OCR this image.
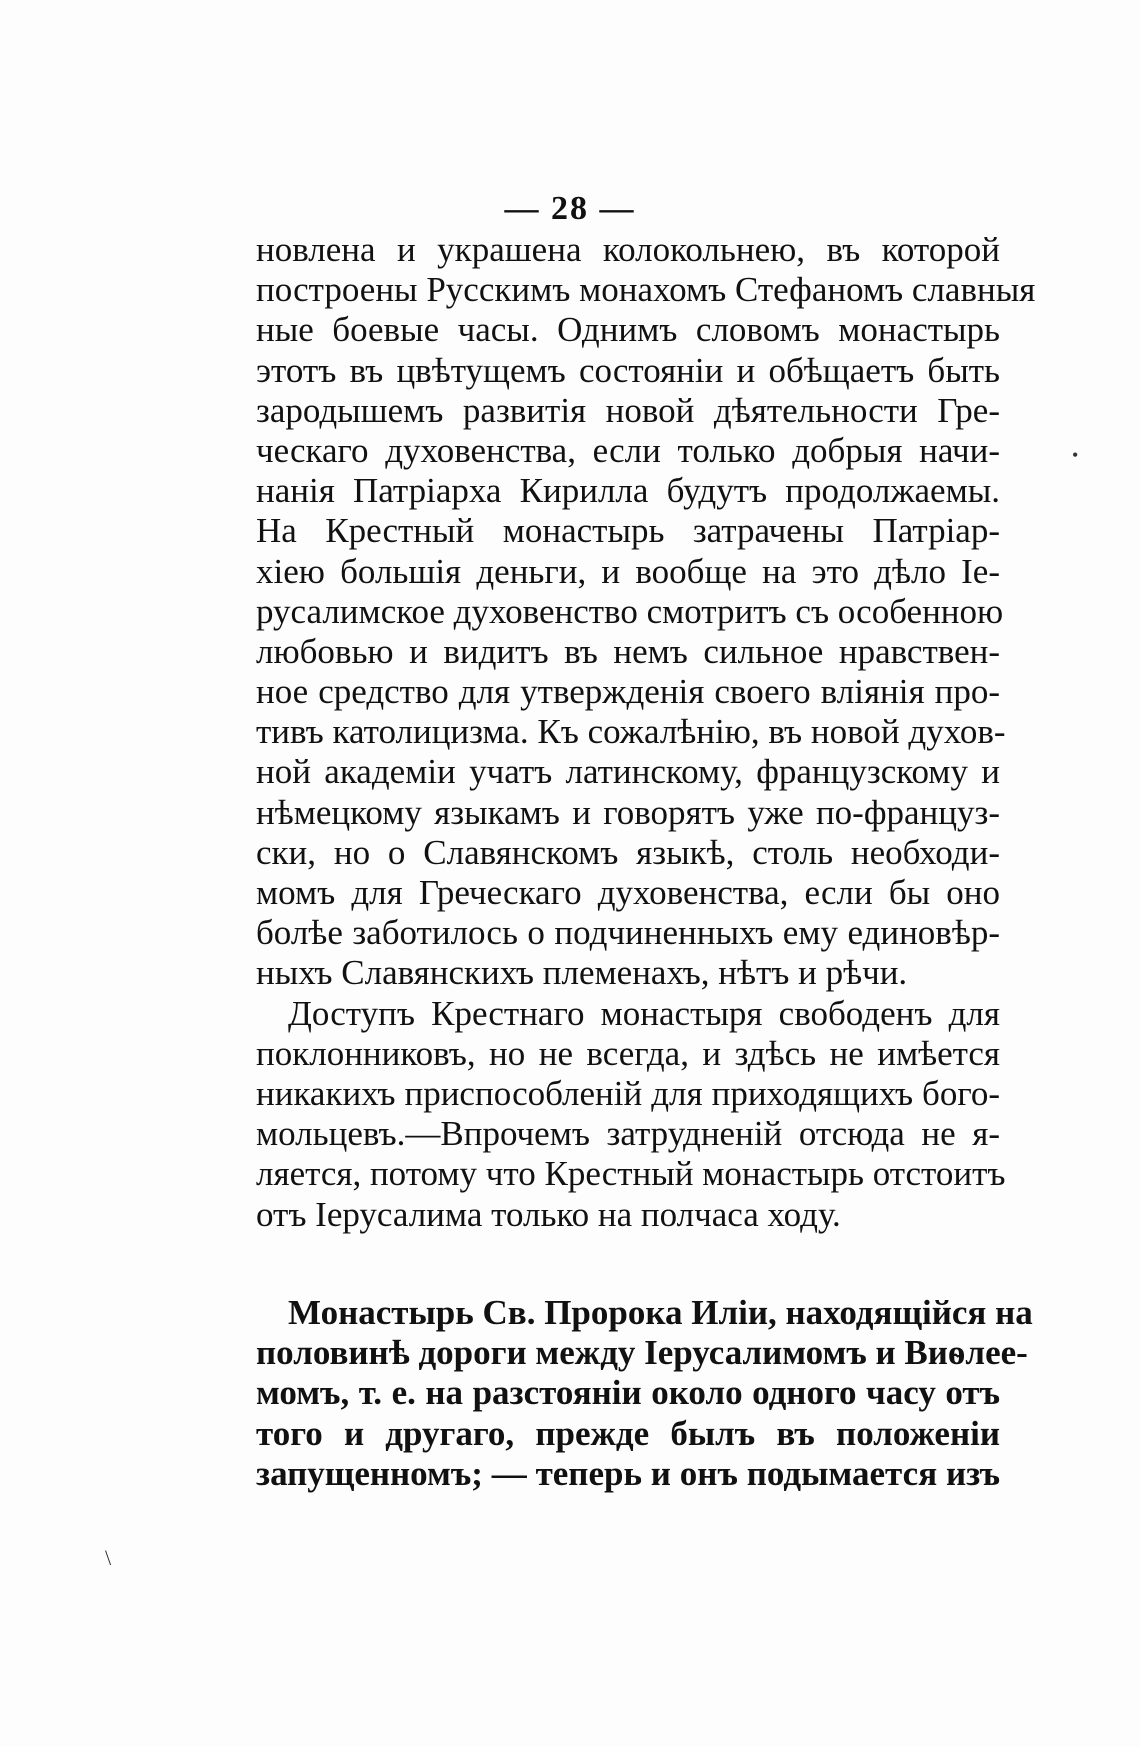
— 28 —
новлена и украшена колокольнею, въ которой
построены Русскимъ монахомъ Стефаномъ славныя
ные боевые часы. Однимъ словомъ монастырь
этотъ въ цвѣтущемъ состояніи и обѣщаетъ быть
зародышемъ развитія новой дѣятельности Гре-
ческаго духовенства, если только добрыя начи-
нанія Патріарха Кирилла будутъ продолжаемы.
На Крестный монастырь затрачены Патріар-
хіею большія деньги, и вообще на это дѣло Іе-
русалимское духовенство смотритъ съ особенною
любовью и видитъ въ немъ сильное нравствен-
ное средство для утвержденія своего вліянія про-
тивъ католицизма. Къ сожалѣнію, въ новой духов-
ной академіи учатъ латинскому, французскому и
нѣмецкому языкамъ и говорятъ уже по-француз-
ски, но о Славянскомъ языкѣ, столь необходи-
момъ для Греческаго духовенства, если бы оно
болѣе заботилось о подчиненныхъ ему единовѣр-
ныхъ Славянскихъ племенахъ, нѣтъ и рѣчи.
Доступъ Крестнаго монастыря свободенъ для
поклонниковъ, но не всегда, и здѣсь не имѣется
никакихъ приспособленій для приходящихъ бого-
мольцевъ.—Впрочемъ затрудненій отсюда не я-
ляется, потому что Крестный монастырь отстоитъ
отъ Іерусалима только на полчаса ходу.
Монастырь Св. Пророка Иліи, находящійся на
половинѣ дороги между Іерусалимомъ и Виѳлее-
момъ, т. е. на разстояніи около одного часу отъ
того и другаго, прежде былъ въ положеніи
запущенномъ; — теперь и онъ подымается изъ
\
•
